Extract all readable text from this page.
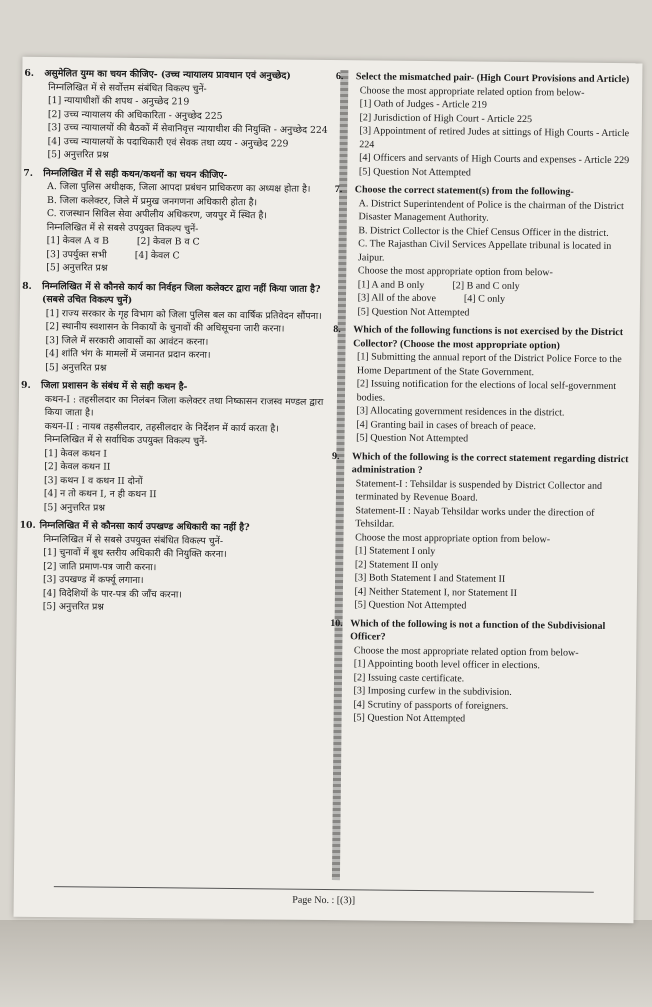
6. असुमेलित युग्म का चयन कीजिए- (उच्च न्यायालय प्रावधान एवं अनुच्छेद)
निम्नलिखित में से सर्वोत्तम संबंधित विकल्प चुनें-
[1] न्यायाधीशों की शपथ - अनुच्छेद 219
[2] उच्च न्यायालय की अधिकारिता - अनुच्छेद 225
[3] उच्च न्यायालयों की बैठकों में सेवानिवृत्त न्यायाधीश की नियुक्ति - अनुच्छेद 224
[4] उच्च न्यायालयों के पदाधिकारी एवं सेवक तथा व्यय - अनुच्छेद 229
[5] अनुत्तरित प्रश्न
7. निम्नलिखित में से सही कथन/कथनों का चयन कीजिए-
A. जिला पुलिस अधीक्षक, जिला आपदा प्रबंधन प्राधिकरण का अध्यक्ष होता है।
B. जिला कलेक्टर, जिले में प्रमुख जनगणना अधिकारी होता है।
C. राजस्थान सिविल सेवा अपीलीय अधिकरण, जयपुर में स्थित है।
निम्नलिखित में से सबसे उपयुक्त विकल्प चुनें-
[1] केवल A व B	[2] केवल B व C
[3] उपर्युक्त सभी	[4] केवल C
[5] अनुत्तरित प्रश्न
8. निम्नलिखित में से कौनसे कार्य का निर्वहन जिला कलेक्टर द्वारा नहीं किया जाता है? (सबसे उचित विकल्प चुनें)
[1] राज्य सरकार के गृह विभाग को जिला पुलिस बल का वार्षिक प्रतिवेदन सौंपना।
[2] स्थानीय स्वशासन के निकायों के चुनावों की अधिसूचना जारी करना।
[3] जिले में सरकारी आवासों का आवंटन करना।
[4] शांति भंग के मामलों में जमानत प्रदान करना।
[5] अनुत्तरित प्रश्न
9. जिला प्रशासन के संबंध में से सही कथन है-
कथन-I : तहसीलदार का निलंबन जिला कलेक्टर तथा निष्कासन राजस्व मण्डल द्वारा किया जाता है।
कथन-II : नायब तहसीलदार, तहसीलदार के निर्देशन में कार्य करता है।
निम्नलिखित में से सर्वाधिक उपयुक्त विकल्प चुनें-
[1] केवल कथन I
[2] केवल कथन II
[3] कथन I व कथन II दोनों
[4] न तो कथन I, न ही कथन II
[5] अनुत्तरित प्रश्न
10. निम्नलिखित में से कौनसा कार्य उपखण्ड अधिकारी का नहीं है?
निम्नलिखित में से सबसे उपयुक्त संबंधित विकल्प चुनें-
[1] चुनावों में बूथ स्तरीय अधिकारी की नियुक्ति करना।
[2] जाति प्रमाण-पत्र जारी करना।
[3] उपखण्ड में कर्फ्यू लगाना।
[4] विदेशियों के पार-पत्र की जाँच करना।
[5] अनुत्तरित प्रश्न
6. Select the mismatched pair- (High Court Provisions and Article)
Choose the most appropriate related option from below-
[1] Oath of Judges - Article 219
[2] Jurisdiction of High Court - Article 225
[3] Appointment of retired Judes at sittings of High Courts - Article 224
[4] Officers and servants of High Courts and expenses - Article 229
[5] Question Not Attempted
7. Choose the correct statement(s) from the following-
A. District Superintendent of Police is the chairman of the District Disaster Management Authority.
B. District Collector is the Chief Census Officer in the district.
C. The Rajasthan Civil Services Appellate tribunal is located in Jaipur.
Choose the most appropriate option from below-
[1] A and B only	[2] B and C only
[3] All of the above	[4] C only
[5] Question Not Attempted
8. Which of the following functions is not exercised by the District Collector? (Choose the most appropriate option)
[1] Submitting the annual report of the District Police Force to the Home Department of the State Government.
[2] Issuing notification for the elections of local self-government bodies.
[3] Allocating government residences in the district.
[4] Granting bail in cases of breach of peace.
[5] Question Not Attempted
9. Which of the following is the correct statement regarding district administration ?
Statement-I : Tehsildar is suspended by District Collector and terminated by Revenue Board.
Statement-II : Nayab Tehsildar works under the direction of Tehsildar.
Choose the most appropriate option from below-
[1] Statement I only
[2] Statement II only
[3] Both Statement I and Statement II
[4] Neither Statement I, nor Statement II
[5] Question Not Attempted
10. Which of the following is not a function of the Subdivisional Officer?
Choose the most appropriate related option from below-
[1] Appointing booth level officer in elections.
[2] Issuing caste certificate.
[3] Imposing curfew in the subdivision.
[4] Scrutiny of passports of foreigners.
[5] Question Not Attempted
Page No. : [(3)]
